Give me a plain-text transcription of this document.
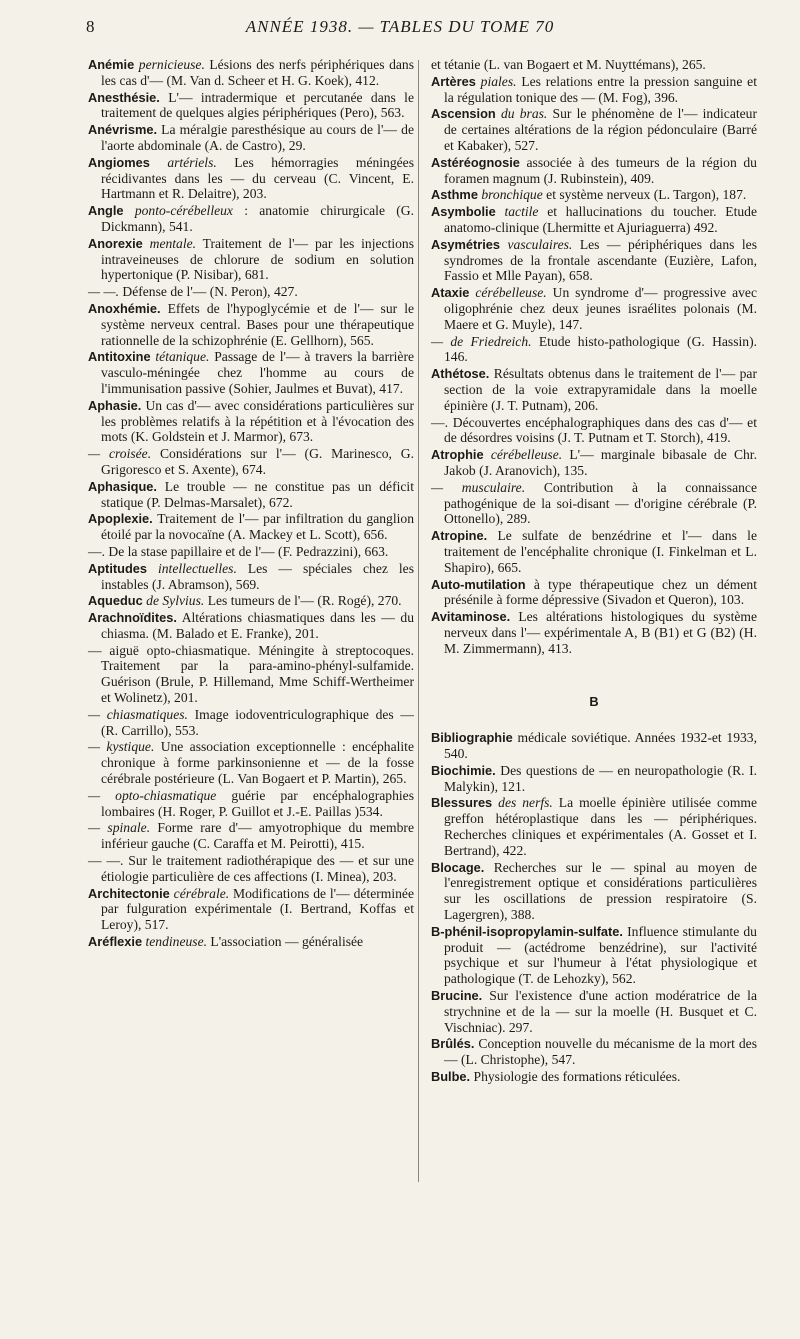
8	ANNÉE 1938. — TABLES DU TOME 70
Anémie pernicieuse. Lésions des nerfs périphériques dans les cas d'— (M. Van d. Scheer et H. G. Koek), 412.
Anesthésie. L'— intradermique et percutanée dans le traitement de quelques algies périphériques (Pero), 563.
Anévrisme. La méralgie paresthésique au cours de l'— de l'aorte abdominale (A. de Castro), 29.
Angiomes artériels. Les hémorragies méningées récidivantes dans les — du cerveau (C. Vincent, E. Hartmann et R. Delaitre), 203.
Angle ponto-cérébelleux : anatomie chirurgicale (G. Dickmann), 541.
Anorexie mentale. Traitement de l'— par les injections intraveineuses de chlorure de sodium en solution hypertonique (P. Nisibar), 681.
— —. Défense de l'— (N. Peron), 427.
Anoxhémie. Effets de l'hypoglycémie et de l'— sur le système nerveux central. Bases pour une thérapeutique rationnelle de la schizophrénie (E. Gellhorn), 565.
Antitoxine tétanique. Passage de l'— à travers la barrière vasculo-méningée chez l'homme au cours de l'immunisation passive (Sohier, Jaulmes et Buvat), 417.
Aphasie. Un cas d'— avec considérations particulières sur les problèmes relatifs à la répétition et à l'évocation des mots (K. Goldstein et J. Marmor), 673.
— croisée. Considérations sur l'— (G. Marinesco, G. Grigoresco et S. Axente), 674.
Aphasique. Le trouble — ne constitue pas un déficit statique (P. Delmas-Marsalet), 672.
Apoplexie. Traitement de l'— par infiltration du ganglion étoilé par la novocaïne (A. Mackey et L. Scott), 656.
—. De la stase papillaire et de l'— (F. Pedrazzini), 663.
Aptitudes intellectuelles. Les — spéciales chez les instables (J. Abramson), 569.
Aqueduc de Sylvius. Les tumeurs de l'— (R. Rogé), 270.
Arachnoïdites. Altérations chiasmatiques dans les — du chiasma. (M. Balado et E. Franke), 201.
— aiguë opto-chiasmatique. Méningite à streptocoques. Traitement par la para-amino-phényl-sulfamide. Guérison (Brule, P. Hillemand, Mme Schiff-Wertheimer et Wolinetz), 201.
— chiasmatiques. Image iodoventriculographique des — (R. Carrillo), 553.
— kystique. Une association exceptionnelle : encéphalite chronique à forme parkinsonienne et — de la fosse cérébrale postérieure (L. Van Bogaert et P. Martin), 265.
— opto-chiasmatique guérie par encéphalographies lombaires (H. Roger, P. Guillot et J.-E. Paillas )534.
— spinale. Forme rare d'— amyotrophique du membre inférieur gauche (C. Caraffa et M. Peirotti), 415.
— —. Sur le traitement radiothérapique des — et sur une étiologie particulière de ces affections (I. Minea), 203.
Architectonie cérébrale. Modifications de l'— déterminée par fulguration expérimentale (I. Bertrand, Koffas et Leroy), 517.
Aréflexie tendineuse. L'association — généralisée
et tétanie (L. van Bogaert et M. Nuyttémans), 265.
Artères piales. Les relations entre la pression sanguine et la régulation tonique des — (M. Fog), 396.
Ascension du bras. Sur le phénomène de l'— indicateur de certaines altérations de la région pédonculaire (Barré et Kabaker), 527.
Astéréognosie associée à des tumeurs de la région du foramen magnum (J. Rubinstein), 409.
Asthme bronchique et système nerveux (L. Targon), 187.
Asymbolie tactile et hallucinations du toucher. Etude anatomo-clinique (Lhermitte et Ajuriaguerra) 492.
Asymétries vasculaires. Les — périphériques dans les syndromes de la frontale ascendante (Euzière, Lafon, Fassio et Mlle Payan), 658.
Ataxie cérébelleuse. Un syndrome d'— progressive avec oligophrénie chez deux jeunes israélites polonais (M. Maere et G. Muyle), 147.
— de Friedreich. Etude histo-pathologique (G. Hassin). 146.
Athétose. Résultats obtenus dans le traitement de l'— par section de la voie extrapyramidale dans la moelle épinière (J. T. Putnam), 206.
—. Découvertes encéphalographiques dans des cas d'— et de désordres voisins (J. T. Putnam et T. Storch), 419.
Atrophie cérébelleuse. L'— marginale bibasale de Chr. Jakob (J. Aranovich), 135.
— musculaire. Contribution à la connaissance pathogénique de la soi-disant — d'origine cérébrale (P. Ottonello), 289.
Atropine. Le sulfate de benzédrine et l'— dans le traitement de l'encéphalite chronique (I. Finkelman et L. Shapiro), 665.
Auto-mutilation à type thérapeutique chez un dément présénile à forme dépressive (Sivadon et Queron), 103.
Avitaminose. Les altérations histologiques du système nerveux dans l'— expérimentale A, B (B1) et G (B2) (H. M. Zimmermann), 413.
B
Bibliographie médicale soviétique. Années 1932-et 1933, 540.
Biochimie. Des questions de — en neuropathologie (R. I. Malykin), 121.
Blessures des nerfs. La moelle épinière utilisée comme greffon hétéroplastique dans les — périphériques. Recherches cliniques et expérimentales (A. Gosset et I. Bertrand), 422.
Blocage. Recherches sur le — spinal au moyen de l'enregistrement optique et considérations particulières sur les oscillations de pression respiratoire (S. Lagergren), 388.
B-phénil-isopropylamin-sulfate. Influence stimulante du produit — (actédrome benzédrine), sur l'activité psychique et sur l'humeur à l'état physiologique et pathologique (T. de Lehozky), 562.
Brucine. Sur l'existence d'une action modératrice de la strychnine et de la — sur la moelle (H. Busquet et C. Vischniac). 297.
Brûlés. Conception nouvelle du mécanisme de la mort des — (L. Christophe), 547.
Bulbe. Physiologie des formations réticulées.
